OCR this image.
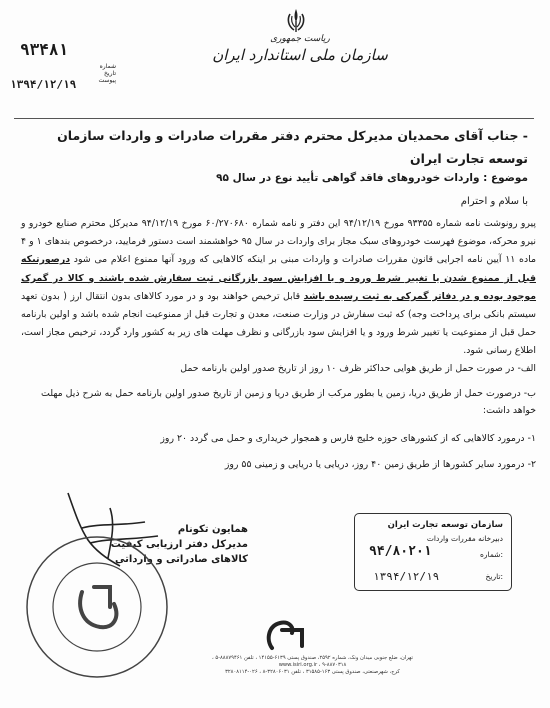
ریاست جمهوری
سازمان ملی استاندارد ایران
۹۳۴۸۱
شماره
تاریخ
پیوست
۱۳۹۴/۱۲/۱۹
- جناب آقای محمدیان مدیرکل محترم دفتر مقررات صادرات و واردات سازمان توسعه تجارت ایران
موضوع : واردات خودروهای فاقد گواهی تأیید نوع در سال ۹۵
با سلام و احترام
پیرو رونوشت نامه شماره ۹۳۳۵۵ مورخ ۹۴/۱۲/۱۹ این دفتر و نامه شماره ۶۰/۲۷۰۶۸۰ مورخ ۹۴/۱۲/۱۹ مدیرکل محترم صنایع خودرو و نیرو محرکه، موضوع فهرست خودروهای سبک مجاز برای واردات در سال ۹۵ خواهشمند است دستور فرمایید، درخصوص بندهای ۱ و ۴ ماده ۱۱ آیین نامه اجرایی قانون مقررات صادرات و واردات مبنی بر اینکه کالاهایی که ورود آنها ممنوع اعلام می شود درصورتیکه قبل از ممنوع شدن یا تغییر شرط ورود و یا افزایش سود بازرگانی ثبت سفارش شده باشند و کالا در گمرک موجود بوده و در دفاتر گمرکی به ثبت رسیده باشد قابل ترخیص خواهند بود و در مورد کالاهای بدون انتقال ارز ( بدون تعهد سیستم بانکی برای پرداخت وجه) که ثبت سفارش در وزارت صنعت، معدن و تجارت قبل از ممنوعیت انجام شده باشد و اولین بارنامه حمل قبل از ممنوعیت یا تغییر شرط ورود و یا افزایش سود بازرگانی و نظرف مهلت های زیر به کشور وارد گردد، ترخیص مجاز است، اطلاع رسانی شود.
الف- در صورت حمل از طریق هوایی حداکثر ظرف ۱۰ روز از تاریخ صدور اولین بارنامه حمل
ب- درصورت حمل از طریق دریا، زمین یا بطور مرکب از طریق دریا و زمین از تاریخ صدور اولین بارنامه حمل به شرح ذیل مهلت خواهد داشت:
۱- درمورد کالاهایی که از کشورهای حوزه خلیج فارس و همجوار خریداری و حمل می گردد ۲۰ روز
۲- درمورد سایر کشورها از طریق زمین ۴۰ روز، دریایی یا دریایی و زمینی ۵۵ روز
همایون تکونام
مدیرکل دفتر ارزیابی کیفیت
کالاهای صادراتی و وارداتی
سازمان توسعه تجارت ایران
دبیرخانه مقررات واردات
شماره:
۹۴/۸۰۲۰۱
تاریخ:
۱۳۹۴/۱۲/۱۹
تهران، ضلع جنوبی میدان ونک، شماره ۲۵۹۲، صندوق پستی ۶۱۳۹-۱۴۱۵۵ ، تلفن ۸۸۸۷۹۴۶۱-۵ ، ۸۸۷۰۳۱۸-۹ ، www.isiri.org.ir
کرج، شهرصنعتی، صندوق پستی ۱۶۳-۳۱۵۸۵ ، تلفن ۳۲۸۰۶۰۳۱-۸ ، ۰۲۶-۳۲۸۰۸۱۱۴
